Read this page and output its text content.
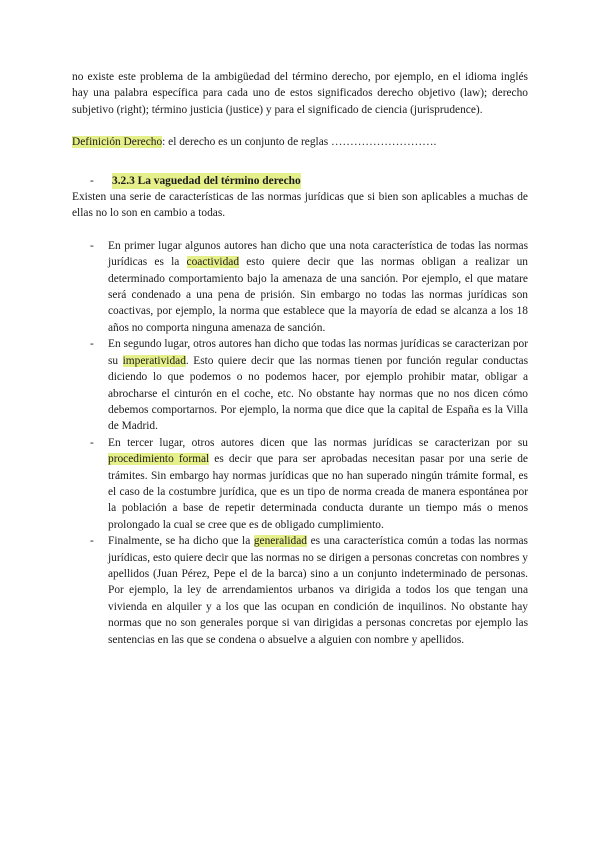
no existe este problema de la ambigüedad del término derecho, por ejemplo, en el idioma inglés hay una palabra específica para cada uno de estos significados derecho objetivo (law); derecho subjetivo (right); término justicia (justice) y para el significado de ciencia (jurisprudence).

Definición Derecho: el derecho es un conjunto de reglas ……………………….

-	3.2.3 La vaguedad del término derecho

Existen una serie de características de las normas jurídicas que si bien son aplicables a muchas de ellas no lo son en cambio a todas.

- En primer lugar algunos autores han dicho que una nota característica de todas las normas jurídicas es la coactividad esto quiere decir que las normas obligan a realizar un determinado comportamiento bajo la amenaza de una sanción. Por ejemplo, el que matare será condenado a una pena de prisión. Sin embargo no todas las normas jurídicas son coactivas, por ejemplo, la norma que establece que la mayoría de edad se alcanza a los 18 años no comporta ninguna amenaza de sanción.
- En segundo lugar, otros autores han dicho que todas las normas jurídicas se caracterizan por su imperatividad. Esto quiere decir que las normas tienen por función regular conductas diciendo lo que podemos o no podemos hacer, por ejemplo prohibir matar, obligar a abrocharse el cinturón en el coche, etc. No obstante hay normas que no nos dicen cómo debemos comportarnos. Por ejemplo, la norma que dice que la capital de España es la Villa de Madrid.
- En tercer lugar, otros autores dicen que las normas jurídicas se caracterizan por su procedimiento formal es decir que para ser aprobadas necesitan pasar por una serie de trámites. Sin embargo hay normas jurídicas que no han superado ningún trámite formal, es el caso de la costumbre jurídica, que es un tipo de norma creada de manera espontánea por la población a base de repetir determinada conducta durante un tiempo más o menos prolongado la cual se cree que es de obligado cumplimiento.
- Finalmente, se ha dicho que la generalidad es una característica común a todas las normas jurídicas, esto quiere decir que las normas no se dirigen a personas concretas con nombres y apellidos (Juan Pérez, Pepe el de la barca) sino a un conjunto indeterminado de personas. Por ejemplo, la ley de arrendamientos urbanos va dirigida a todos los que tengan una vivienda en alquiler y a los que las ocupan en condición de inquilinos. No obstante hay normas que no son generales porque si van dirigidas a personas concretas por ejemplo las sentencias en las que se condena o absuelve a alguien con nombre y apellidos.
